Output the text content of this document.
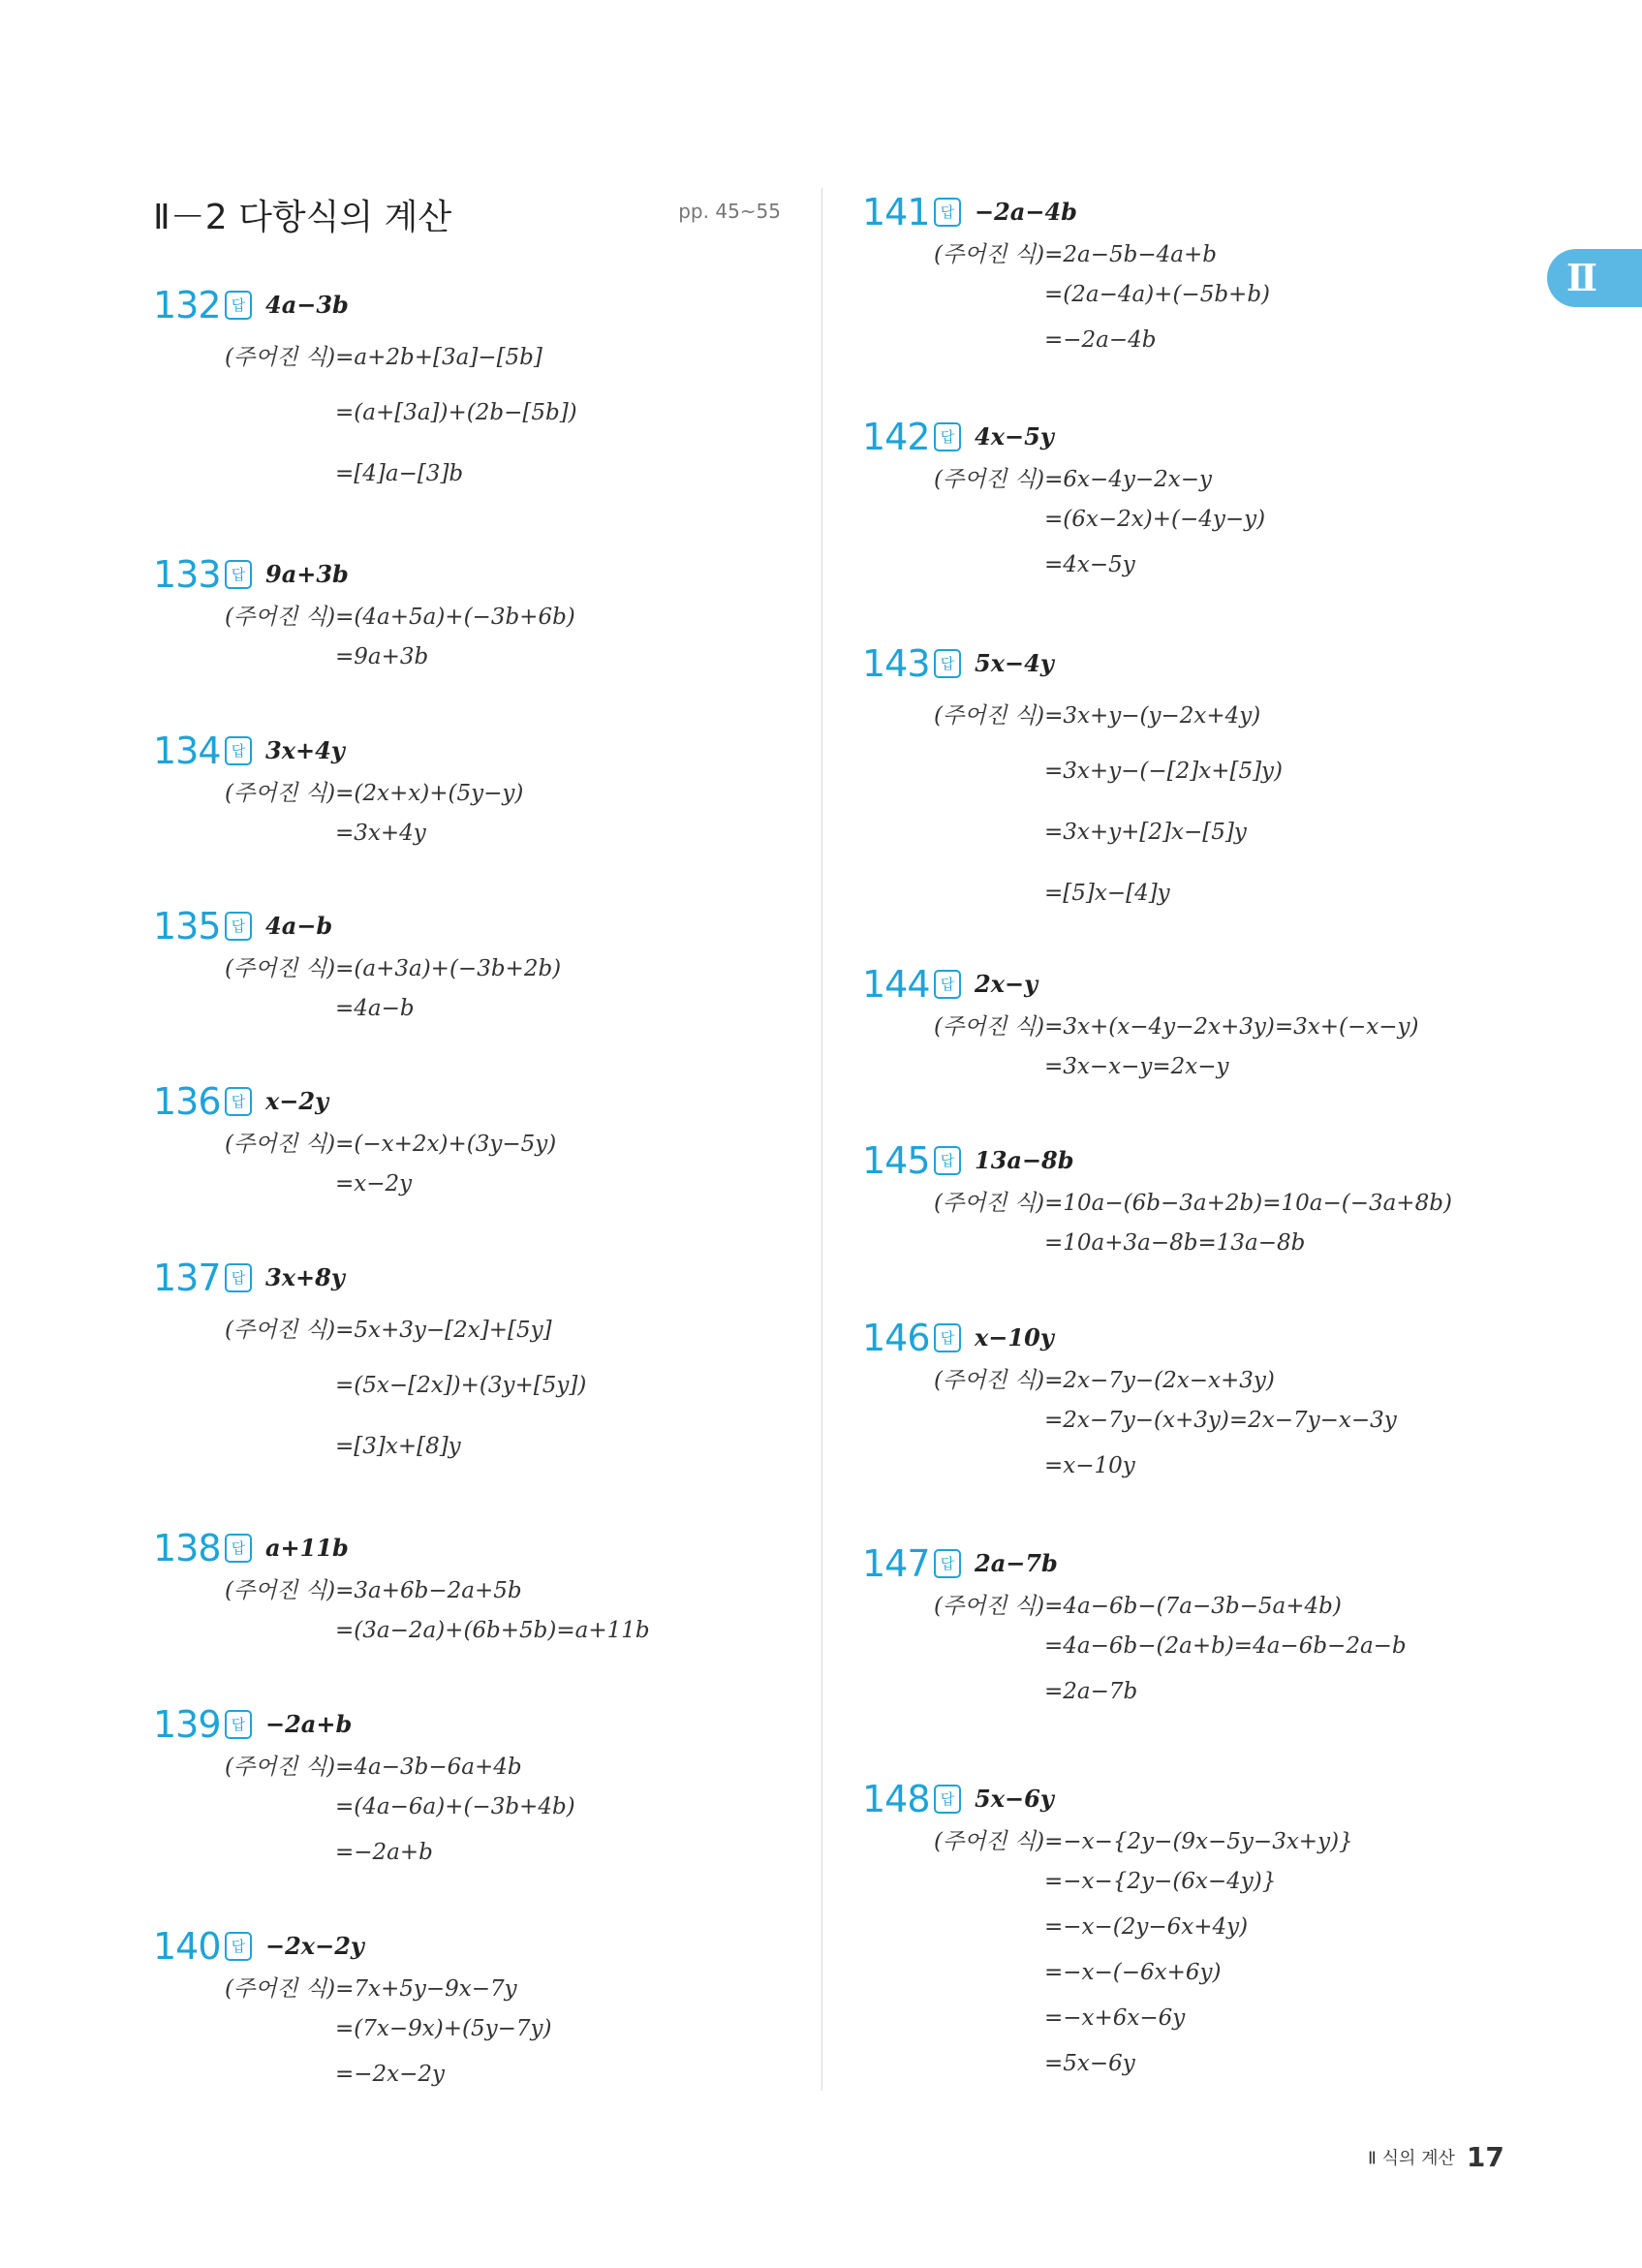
Ⅱ－2 다항식의 계산	pp. 45~55
Ⅱ
132 답 4a−3b
(주어진 식)=a+2b+[3a]−[5b]
=(a+[3a])+(2b−[5b])
=[4]a−[3]b
133 답 9a+3b
(주어진 식)=(4a+5a)+(−3b+6b)
=9a+3b
134 답 3x+4y
(주어진 식)=(2x+x)+(5y−y)
=3x+4y
135 답 4a−b
(주어진 식)=(a+3a)+(−3b+2b)
=4a−b
136 답 x−2y
(주어진 식)=(−x+2x)+(3y−5y)
=x−2y
137 답 3x+8y
(주어진 식)=5x+3y−[2x]+[5y]
=(5x−[2x])+(3y+[5y])
=[3]x+[8]y
138 답 a+11b
(주어진 식)=3a+6b−2a+5b
=(3a−2a)+(6b+5b)=a+11b
139 답 −2a+b
(주어진 식)=4a−3b−6a+4b
=(4a−6a)+(−3b+4b)
=−2a+b
140 답 −2x−2y
(주어진 식)=7x+5y−9x−7y
=(7x−9x)+(5y−7y)
=−2x−2y
141 답 −2a−4b
(주어진 식)=2a−5b−4a+b
=(2a−4a)+(−5b+b)
=−2a−4b
142 답 4x−5y
(주어진 식)=6x−4y−2x−y
=(6x−2x)+(−4y−y)
=4x−5y
143 답 5x−4y
(주어진 식)=3x+y−(y−2x+4y)
=3x+y−(−[2]x+[5]y)
=3x+y+[2]x−[5]y
=[5]x−[4]y
144 답 2x−y
(주어진 식)=3x+(x−4y−2x+3y)=3x+(−x−y)
=3x−x−y=2x−y
145 답 13a−8b
(주어진 식)=10a−(6b−3a+2b)=10a−(−3a+8b)
=10a+3a−8b=13a−8b
146 답 x−10y
(주어진 식)=2x−7y−(2x−x+3y)
=2x−7y−(x+3y)=2x−7y−x−3y
=x−10y
147 답 2a−7b
(주어진 식)=4a−6b−(7a−3b−5a+4b)
=4a−6b−(2a+b)=4a−6b−2a−b
=2a−7b
148 답 5x−6y
(주어진 식)=−x−{2y−(9x−5y−3x+y)}
=−x−{2y−(6x−4y)}
=−x−(2y−6x+4y)
=−x−(−6x+6y)
=−x+6x−6y
=5x−6y
Ⅱ 식의 계산 17
